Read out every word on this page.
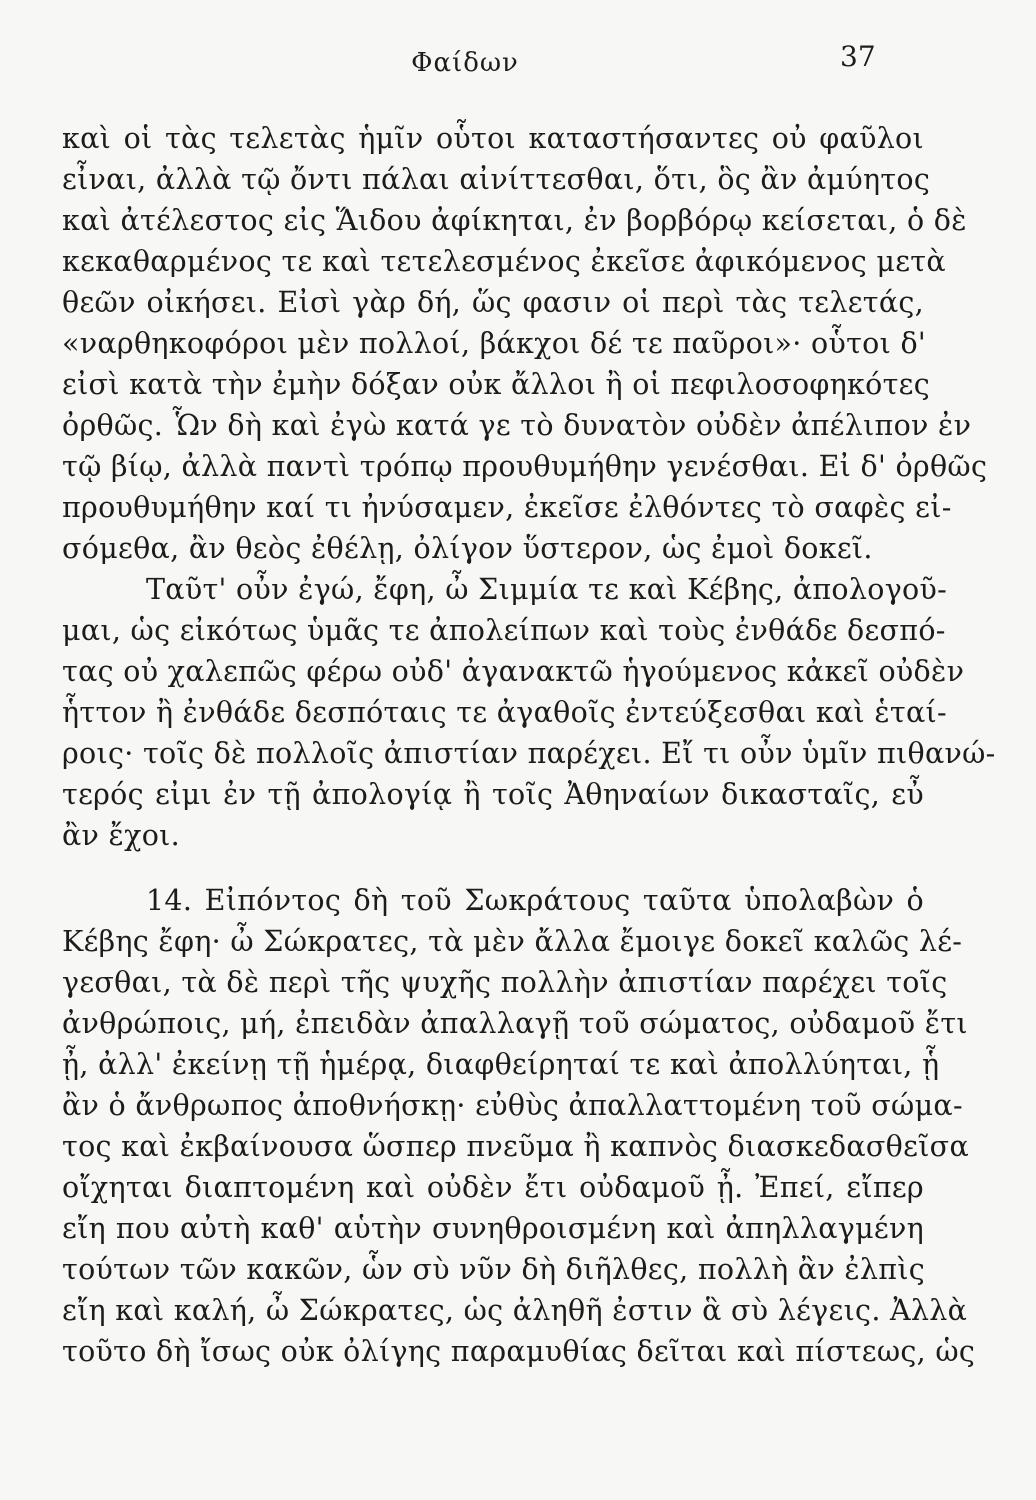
Φαίδων	37
καὶ οἱ τὰς τελετὰς ἡμῖν οὗτοι καταστήσαντες οὐ φαῦλοι
εἶναι, ἀλλὰ τῷ ὄντι πάλαι αἰνίττεσθαι, ὅτι, ὃς ἂν ἀμύητος
καὶ ἀτέλεστος εἰς Ἅιδου ἀφίκηται, ἐν βορβόρῳ κείσεται, ὁ δὲ
κεκαθαρμένος τε καὶ τετελεσμένος ἐκεῖσε ἀφικόμενος μετὰ
θεῶν οἰκήσει. Εἰσὶ γὰρ δή, ὥς φασιν οἱ περὶ τὰς τελετάς,
«ναρθηκοφόροι μὲν πολλοί, βάκχοι δέ τε παῦροι»· οὗτοι δ'
εἰσὶ κατὰ τὴν ἐμὴν δόξαν οὐκ ἄλλοι ἢ οἱ πεφιλοσοφηκότες
ὀρθῶς. Ὧν δὴ καὶ ἐγὼ κατά γε τὸ δυνατὸν οὐδὲν ἀπέλιπον ἐν
τῷ βίῳ, ἀλλὰ παντὶ τρόπῳ προυθυμήθην γενέσθαι. Εἰ δ' ὀρθῶς
προυθυμήθην καί τι ἠνύσαμεν, ἐκεῖσε ἐλθόντες τὸ σαφὲς εἰ-
σόμεθα, ἂν θεὸς ἐθέλῃ, ὀλίγον ὕστερον, ὡς ἐμοὶ δοκεῖ.
Ταῦτ' οὖν ἐγώ, ἔφη, ὦ Σιμμία τε καὶ Κέβης, ἀπολογοῦ-
μαι, ὡς εἰκότως ὑμᾶς τε ἀπολείπων καὶ τοὺς ἐνθάδε δεσπό-
τας οὐ χαλεπῶς φέρω οὐδ' ἀγανακτῶ ἡγούμενος κἀκεῖ οὐδὲν
ἧττον ἢ ἐνθάδε δεσπόταις τε ἀγαθοῖς ἐντεύξεσθαι καὶ ἑταί-
ροις· τοῖς δὲ πολλοῖς ἀπιστίαν παρέχει. Εἴ τι οὖν ὑμῖν πιθανώ-
τερός εἰμι ἐν τῇ ἀπολογίᾳ ἢ τοῖς Ἀθηναίων δικασταῖς, εὖ
ἂν ἔχοι.
14. Εἰπόντος δὴ τοῦ Σωκράτους ταῦτα ὑπολαβὼν ὁ
Κέβης ἔφη· ὦ Σώκρατες, τὰ μὲν ἄλλα ἔμοιγε δοκεῖ καλῶς λέ-
γεσθαι, τὰ δὲ περὶ τῆς ψυχῆς πολλὴν ἀπιστίαν παρέχει τοῖς
ἀνθρώποις, μή, ἐπειδὰν ἀπαλλαγῇ τοῦ σώματος, οὐδαμοῦ ἔτι
ᾖ, ἀλλ' ἐκείνῃ τῇ ἡμέρᾳ, διαφθείρηταί τε καὶ ἀπολλύηται, ᾗ
ἂν ὁ ἄνθρωπος ἀποθνήσκῃ· εὐθὺς ἀπαλλαττομένη τοῦ σώμα-
τος καὶ ἐκβαίνουσα ὥσπερ πνεῦμα ἢ καπνὸς διασκεδασθεῖσα
οἴχηται διαπτομένη καὶ οὐδὲν ἔτι οὐδαμοῦ ᾖ. Ἐπεί, εἴπερ
εἴη που αὐτὴ καθ' αὑτὴν συνηθροισμένη καὶ ἀπηλλαγμένη
τούτων τῶν κακῶν, ὧν σὺ νῦν δὴ διῆλθες, πολλὴ ἂν ἐλπὶς
εἴη καὶ καλή, ὦ Σώκρατες, ὡς ἀληθῆ ἐστιν ἃ σὺ λέγεις. Ἀλλὰ
τοῦτο δὴ ἴσως οὐκ ὀλίγης παραμυθίας δεῖται καὶ πίστεως, ὡς
